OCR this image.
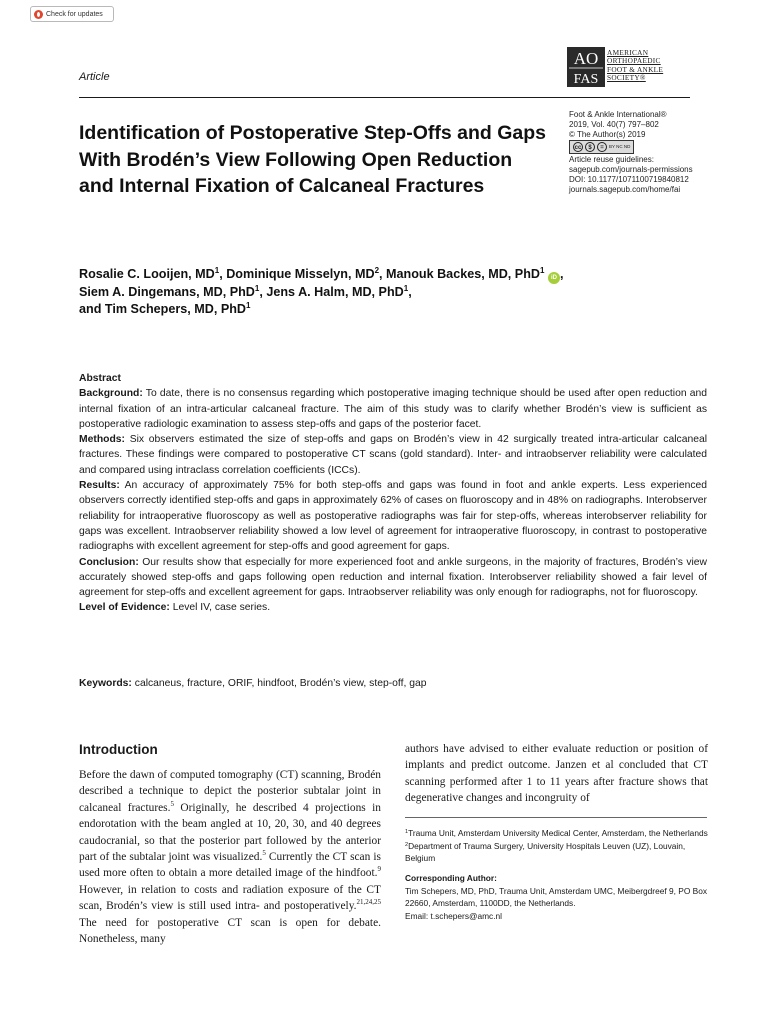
Check for updates
Article
AO
FAS
AMERICAN
ORTHOPAEDIC
FOOT & ANKLE
SOCIETY®
Identification of Postoperative Step-Offs and Gaps With Brodén’s View Following Open Reduction and Internal Fixation of Calcaneal Fractures
Foot & Ankle International®
2019, Vol. 40(7) 797–802
© The Author(s) 2019
cc	$	=	BY NC ND
Article reuse guidelines:
sagepub.com/journals-permissions
DOI: 10.1177/1071100719840812
journals.sagepub.com/home/fai
Rosalie C. Looijen, $MD^1$, Dominique Misselyn, $MD^2$, Manouk Backes, MD, PhD$^1$ iD ,
Siem A. Dingemans, MD, PhD$^1$, Jens A. Halm, MD, PhD$^1$,
and Tim Schepers, MD, PhD$^1$

Abstract

Background: To date, there is no consensus regarding which postoperative imaging technique should be used after open reduction and internal fixation of an intra-articular calcaneal fracture. The aim of this study was to clarify whether Brodén’s view is sufficient as postoperative radiologic examination to assess step-offs and gaps of the posterior facet.

Methods: Six observers estimated the size of step-offs and gaps on Brodén’s view in 42 surgically treated intra-articular calcaneal fractures. These findings were compared to postoperative CT scans (gold standard). Inter- and intraobserver reliability were calculated and compared using intraclass correlation coefficients (ICCs).

Results: An accuracy of approximately 75% for both step-offs and gaps was found in foot and ankle experts. Less experienced observers correctly identified step-offs and gaps in approximately 62% of cases on fluoroscopy and in 48% on radiographs. Interobserver reliability for intraoperative fluoroscopy as well as postoperative radiographs was fair for step-offs, whereas interobserver reliability for gaps was excellent. Intraobserver reliability showed a low level of agreement for intraoperative fluoroscopy, in contrast to postoperative radiographs with excellent agreement for step-offs and good agreement for gaps.

Conclusion: Our results show that especially for more experienced foot and ankle surgeons, in the majority of fractures, Brodén’s view accurately showed step-offs and gaps following open reduction and internal fixation. Interobserver reliability showed a fair level of agreement for step-offs and excellent agreement for gaps. Intraobserver reliability was only enough for radiographs, not for fluoroscopy.

Level of Evidence: Level IV, case series.

Keywords: calcaneus, fracture, ORIF, hindfoot, Brodén’s view, step-off, gap
Introduction
Before the dawn of computed tomography (CT) scanning, Brodén described a technique to depict the posterior subtalar joint in calcaneal fractures.$^5$ Originally, he described 4 projections in endorotation with the beam angled at 10, 20, 30, and 40 degrees caudocranial, so that the posterior part followed by the anterior part of the subtalar joint was visualized.$^5$ Currently the CT scan is used more often to obtain a more detailed image of the hindfoot.$^9$ However, in relation to costs and radiation exposure of the CT scan, Brodén’s view is still used intra- and postoperatively.$^{21,24,25}$ The need for postoperative CT scan is open for debate. Nonetheless, many
authors have advised to either evaluate reduction or position of implants and predict outcome. Janzen et al concluded that CT scanning performed after 1 to 11 years after fracture shows that degenerative changes and incongruity of

$^1$Trauma Unit, Amsterdam University Medical Center, Amsterdam, the Netherlands

$^2$Department of Trauma Surgery, University Hospitals Leuven (UZ), Louvain, Belgium

Corresponding Author:

Tim Schepers, MD, PhD, Trauma Unit, Amsterdam UMC, Meibergdreef 9, PO Box 22660, Amsterdam, 1100DD, the Netherlands.

Email: t.schepers@amc.nl
